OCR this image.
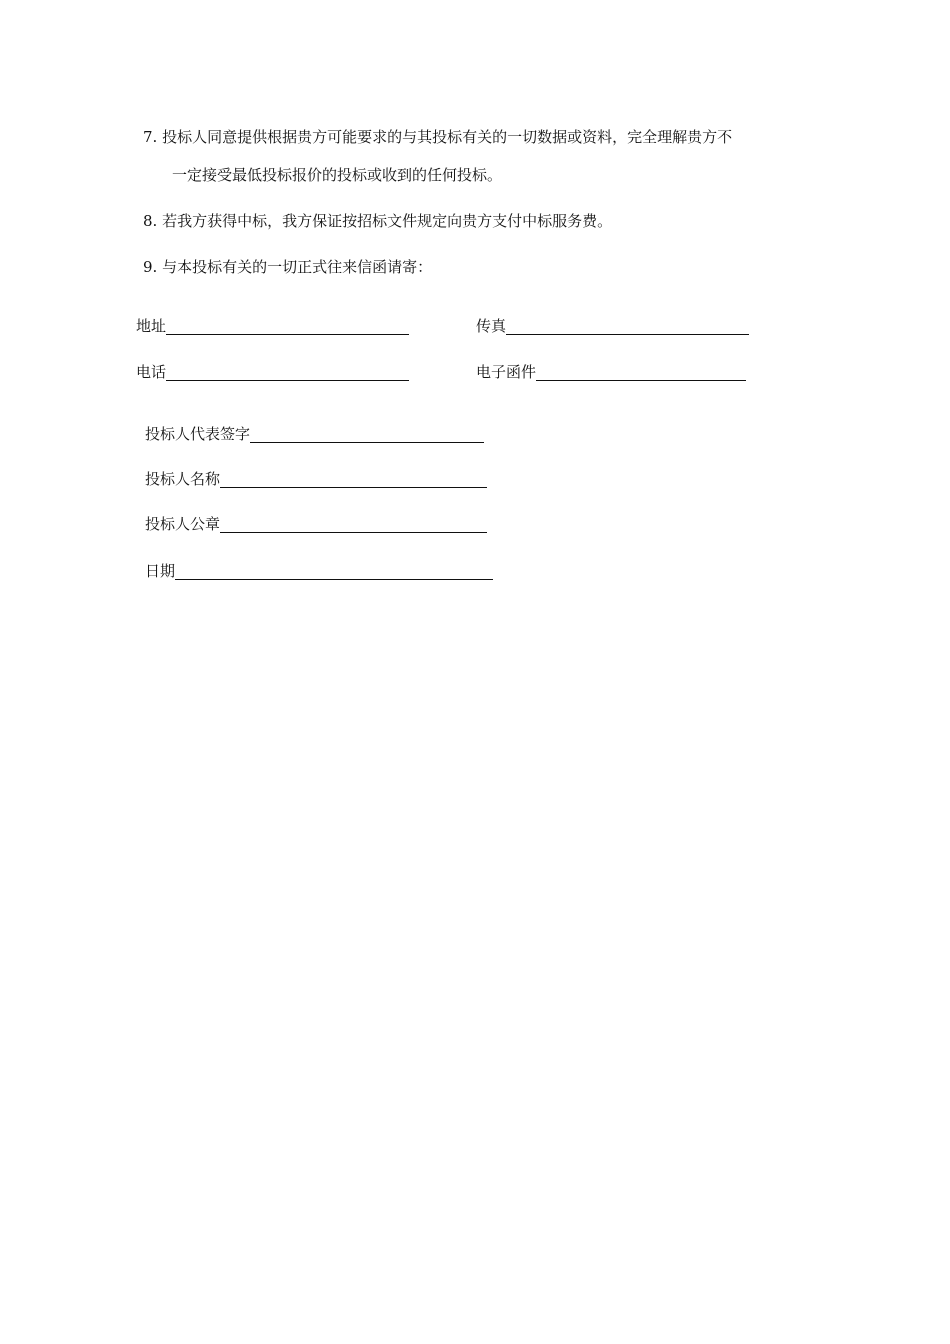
7. 投标人同意提供根据贵方可能要求的与其投标有关的一切数据或资料，完全理解贵方不
一定接受最低投标报价的投标或收到的任何投标。
8. 若我方获得中标，我方保证按招标文件规定向贵方支付中标服务费。
9. 与本投标有关的一切正式往来信函请寄：
地址	传真
电话	电子函件
投标人代表签字
投标人名称
投标人公章
日期
